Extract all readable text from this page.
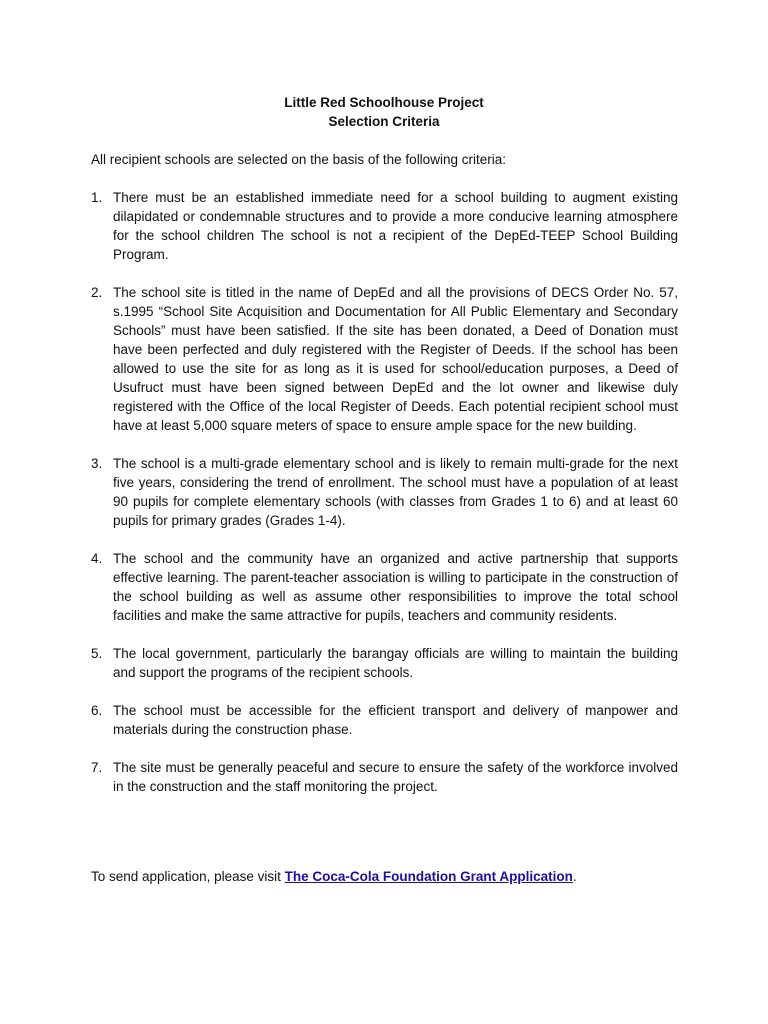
Little Red Schoolhouse Project
Selection Criteria
All recipient schools are selected on the basis of the following criteria:
1. There must be an established immediate need for a school building to augment existing dilapidated or condemnable structures and to provide a more conducive learning atmosphere for the school children The school is not a recipient of the DepEd-TEEP School Building Program.
2. The school site is titled in the name of DepEd and all the provisions of DECS Order No. 57, s.1995 “School Site Acquisition and Documentation for All Public Elementary and Secondary Schools” must have been satisfied. If the site has been donated, a Deed of Donation must have been perfected and duly registered with the Register of Deeds. If the school has been allowed to use the site for as long as it is used for school/education purposes, a Deed of Usufruct must have been signed between DepEd and the lot owner and likewise duly registered with the Office of the local Register of Deeds. Each potential recipient school must have at least 5,000 square meters of space to ensure ample space for the new building.
3. The school is a multi-grade elementary school and is likely to remain multi-grade for the next five years, considering the trend of enrollment. The school must have a population of at least 90 pupils for complete elementary schools (with classes from Grades 1 to 6) and at least 60 pupils for primary grades (Grades 1-4).
4. The school and the community have an organized and active partnership that supports effective learning. The parent-teacher association is willing to participate in the construction of the school building as well as assume other responsibilities to improve the total school facilities and make the same attractive for pupils, teachers and community residents.
5. The local government, particularly the barangay officials are willing to maintain the building and support the programs of the recipient schools.
6. The school must be accessible for the efficient transport and delivery of manpower and materials during the construction phase.
7. The site must be generally peaceful and secure to ensure the safety of the workforce involved in the construction and the staff monitoring the project.
To send application, please visit The Coca-Cola Foundation Grant Application.
